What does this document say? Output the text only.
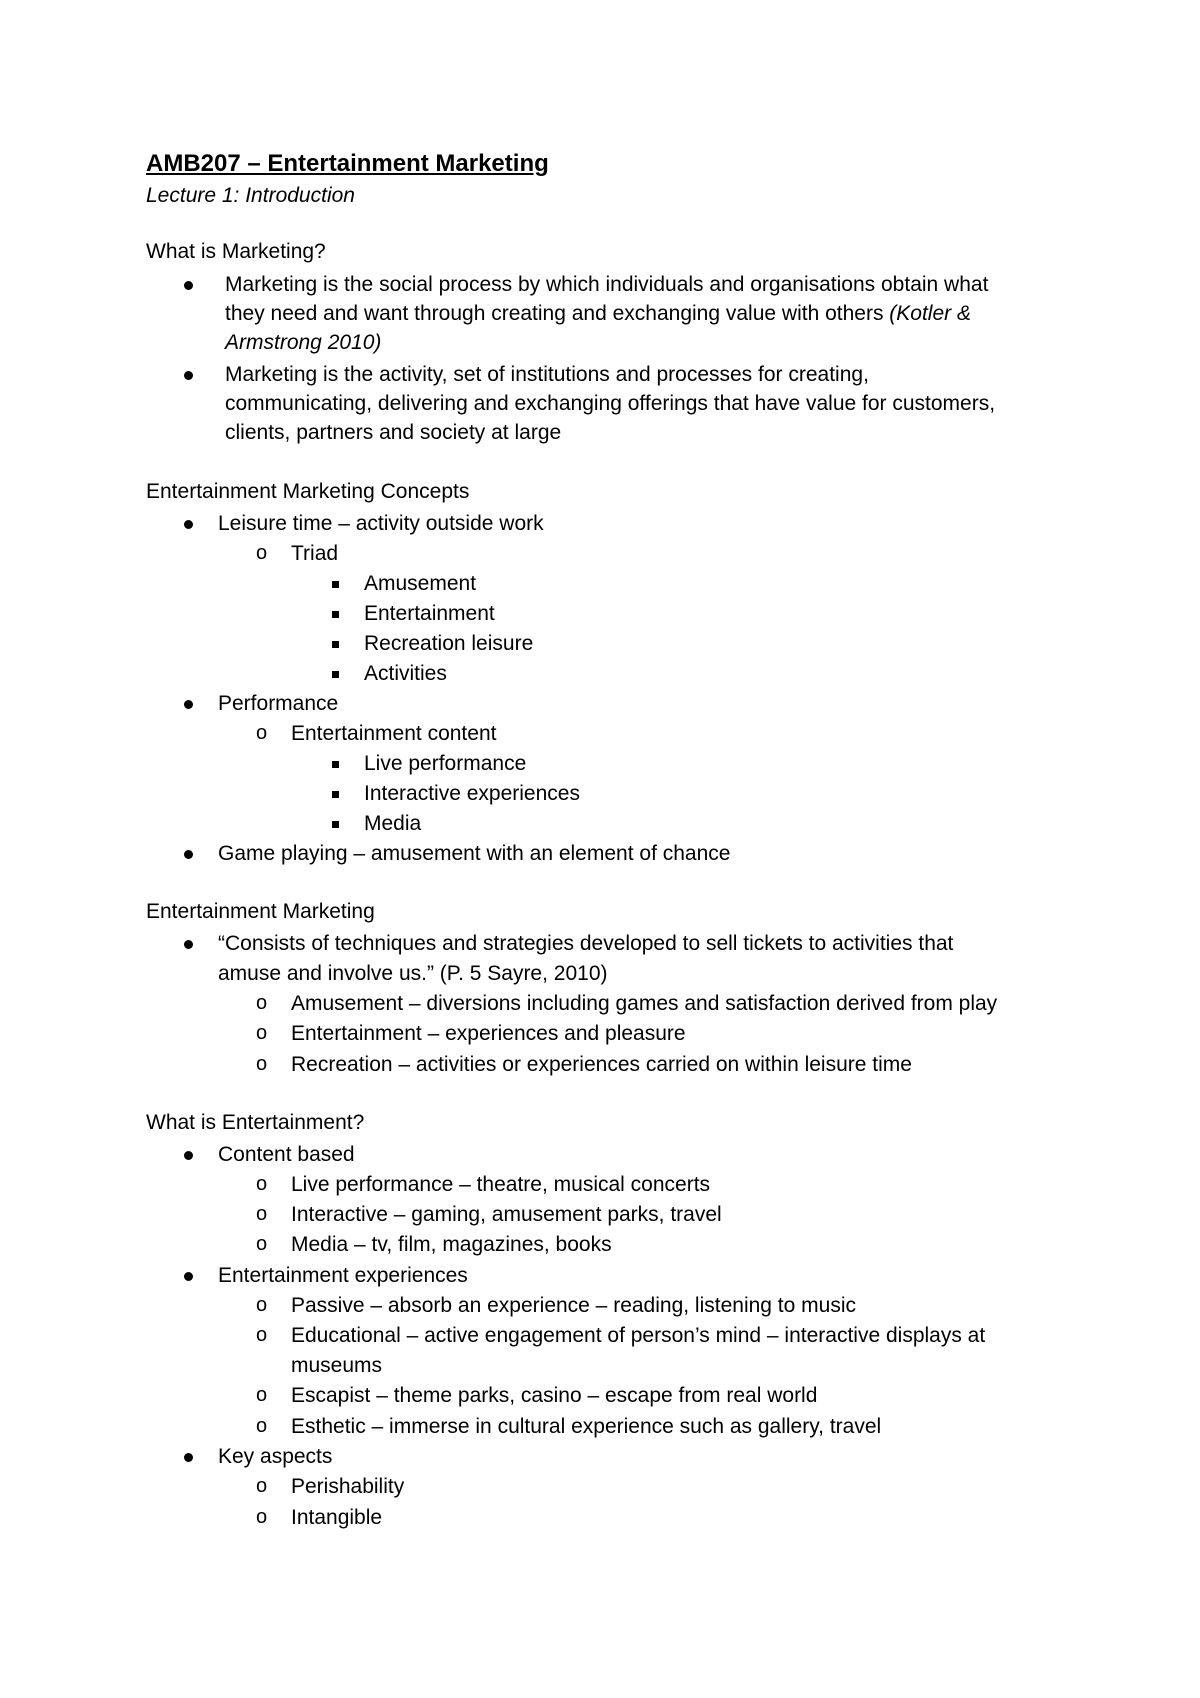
AMB207 – Entertainment Marketing
Lecture 1: Introduction
What is Marketing?
Marketing is the social process by which individuals and organisations obtain what
they need and want through creating and exchanging value with others (Kotler &
Armstrong 2010)
Marketing is the activity, set of institutions and processes for creating,
communicating, delivering and exchanging offerings that have value for customers,
clients, partners and society at large
Entertainment Marketing Concepts
Leisure time – activity outside work
o Triad
Amusement
Entertainment
Recreation leisure
Activities
Performance
o Entertainment content
Live performance
Interactive experiences
Media
Game playing – amusement with an element of chance
Entertainment Marketing
“Consists of techniques and strategies developed to sell tickets to activities that
amuse and involve us.” (P. 5 Sayre, 2010)
o Amusement – diversions including games and satisfaction derived from play
o Entertainment – experiences and pleasure
o Recreation – activities or experiences carried on within leisure time
What is Entertainment?
Content based
o Live performance – theatre, musical concerts
o Interactive – gaming, amusement parks, travel
o Media – tv, film, magazines, books
Entertainment experiences
o Passive – absorb an experience – reading, listening to music
o Educational – active engagement of person’s mind – interactive displays at
museums
o Escapist – theme parks, casino – escape from real world
o Esthetic – immerse in cultural experience such as gallery, travel
Key aspects
o Perishability
o Intangible
